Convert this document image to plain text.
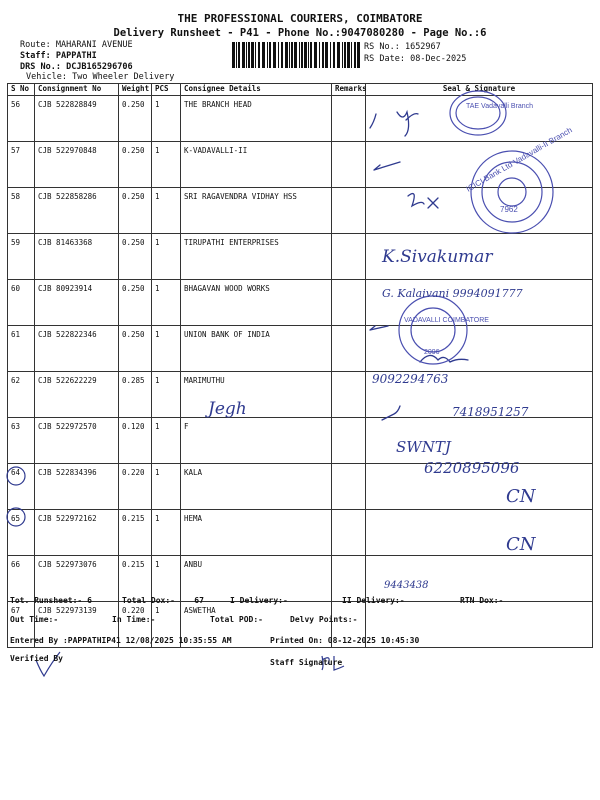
THE PROFESSIONAL COURIERS, COIMBATORE
Delivery Runsheet - P41 - Phone No.:9047080280 - Page No.:6
Route: MAHARANI AVENUE
Staff: PAPPATHI
DRS No.: DCJB165296706
Vehicle: Two Wheeler Delivery
RS No.: 1652967
RS Date: 08-Dec-2025
S No	Consignment No	Weight	PCS	Consignee Details	Remarks	Seal & Signature
56	CJB 522828849	0.250	1	THE BRANCH HEAD		
57	CJB 522970848	0.250	1	K-VADAVALLI-II		
58	CJB 522858286	0.250	1	SRI RAGAVENDRA VIDHAY HSS		
59	CJB 81463368	0.250	1	TIRUPATHI ENTERPRISES		
60	CJB 80923914	0.250	1	BHAGAVAN WOOD WORKS		
61	CJB 522822346	0.250	1	UNION BANK OF INDIA		
62	CJB 522622229	0.285	1	MARIMUTHU		
63	CJB 522972570	0.120	1	F		
64	CJB 522834396	0.220	1	KALA		
65	CJB 522972162	0.215	1	HEMA		
66	CJB 522973076	0.215	1	ANBU		
67	CJB 522973139	0.220	1	ASWETHA		
TAE Vadavalli Branch
ICICI Bank Ltd Vadavalli-II Branch
7962
VADAVALLI COIMBATORE
2096
K.Sivakumar
G. Kalaivani 9994091777
9092294763
Jegh	7418951257
SWNTJ
6220895096
CN
CN
9443438
Tot. Runsheet:- 6	Total Dox:- 67	I Delivery:-	II Delivery:-	RTN Dox:-
Out Time:-	In Time:-	Total POD:-	Delvy Points:-
Entered By :PAPPATHIP41 12/08/2025 10:35:55 AM	Printed On: 08-12-2025 10:45:30
Verified By	Staff Signature
